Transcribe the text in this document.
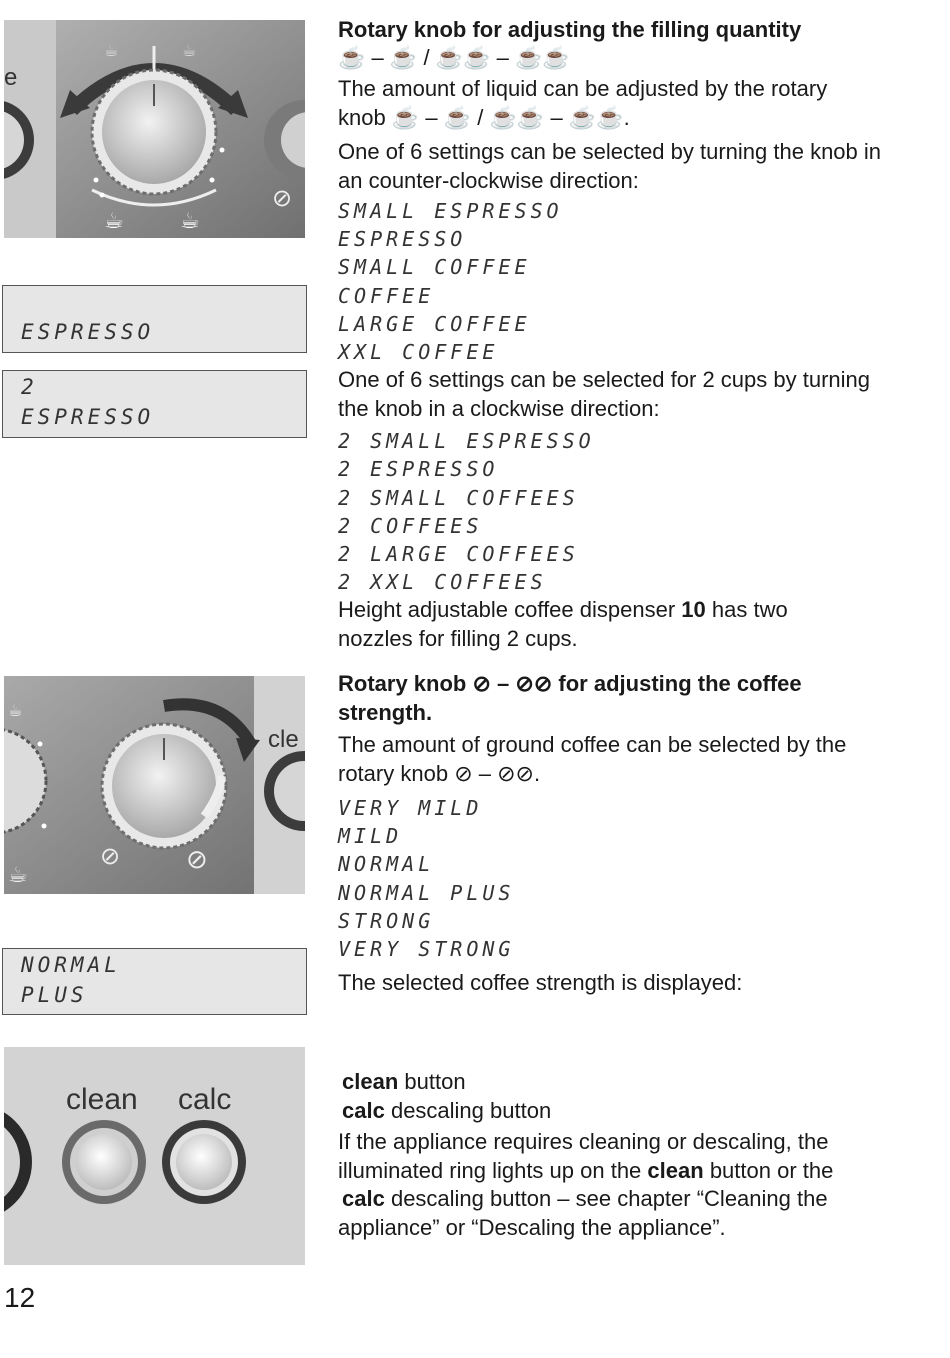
☕	☕
⊘
☕	☕
e
ESPRESSO
2
ESPRESSO
⊘	⊘
☕
☕
cle
NORMAL
PLUS
clean calc
Rotary knob for adjusting the filling quantity
☕ – ☕ / ☕☕ – ☕☕
The amount of liquid can be adjusted by the rotary
knob ☕ – ☕ / ☕☕ – ☕☕.
One of 6 settings can be selected by turning the knob in an counter-clockwise direction:
SMALL ESPRESSO
ESPRESSO
SMALL COFFEE
COFFEE
LARGE COFFEE
XXL COFFEE
One of 6 settings can be selected for 2 cups by turning the knob in a clockwise direction:
2 SMALL ESPRESSO
2 ESPRESSO
2 SMALL COFFEES
2 COFFEES
2 LARGE COFFEES
2 XXL COFFEES
Height adjustable coffee dispenser 10 has two
nozzles for filling 2 cups.
Rotary knob ⊘ – ⊘⊘ for adjusting the coffee
strength.
The amount of ground coffee can be selected by the
rotary knob ⊘ – ⊘⊘.
VERY MILD
MILD
NORMAL
NORMAL PLUS
STRONG
VERY STRONG
The selected coffee strength is displayed:
clean button
calc descaling button
If the appliance requires cleaning or descaling, the
illuminated ring lights up on the clean button or the
calc descaling button – see chapter “Cleaning the
appliance” or “Descaling the appliance”.
12
